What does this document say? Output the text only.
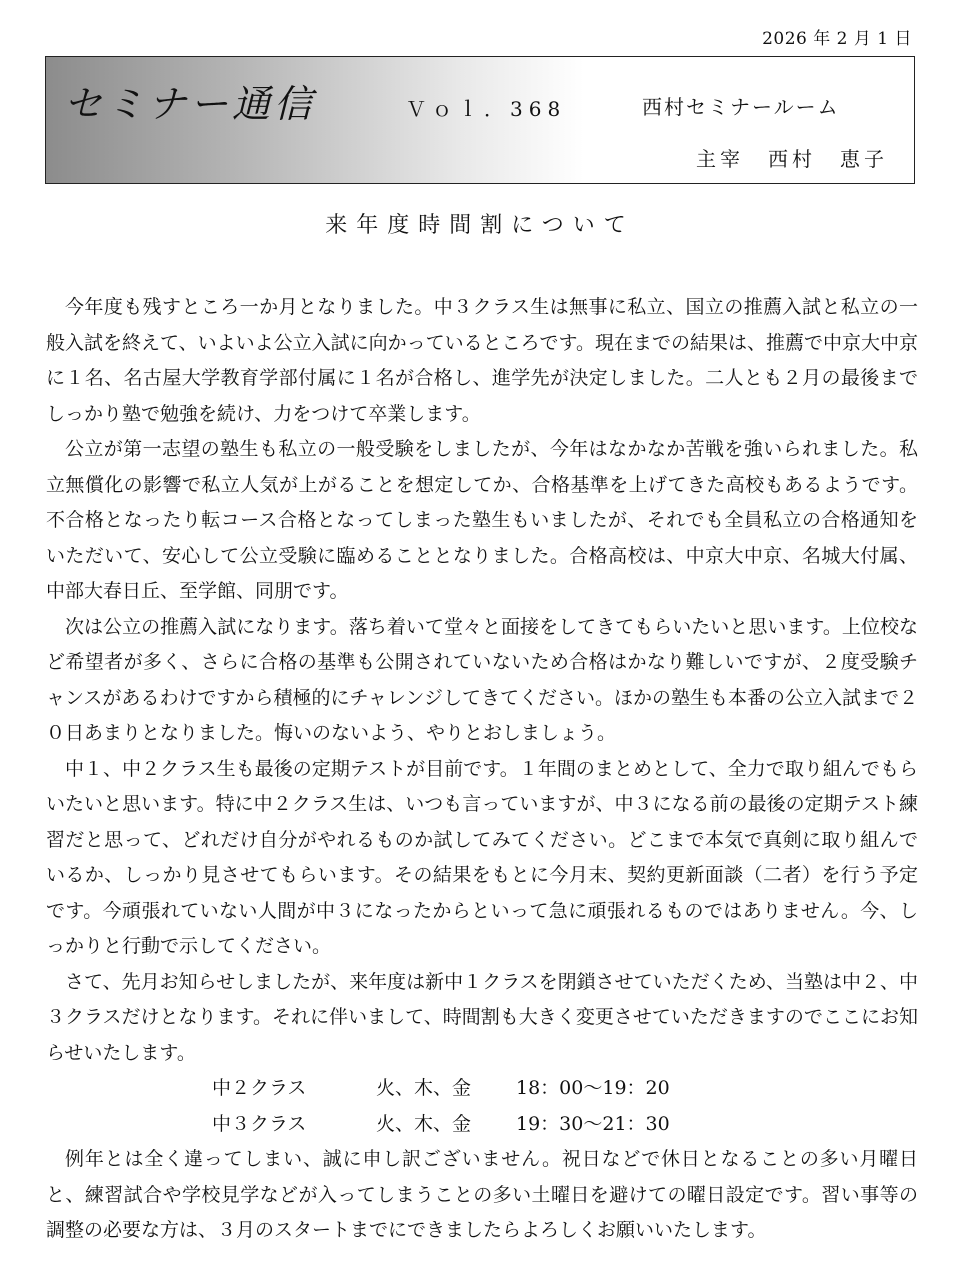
2026 年 2 月 1 日
セミナー通信	Ｖｏｌ．368	西村セミナールーム
主宰　西村　恵子
来年度時間割について

今年度も残すところ一か月となりました。中３クラス生は無事に私立、国立の推薦入試と私立の一般入試を終えて、いよいよ公立入試に向かっているところです。現在までの結果は、推薦で中京大中京に１名、名古屋大学教育学部付属に１名が合格し、進学先が決定しました。二人とも２月の最後までしっかり塾で勉強を続け、力をつけて卒業します。

公立が第一志望の塾生も私立の一般受験をしましたが、今年はなかなか苦戦を強いられました。私立無償化の影響で私立人気が上がることを想定してか、合格基準を上げてきた高校もあるようです。不合格となったり転コース合格となってしまった塾生もいましたが、それでも全員私立の合格通知をいただいて、安心して公立受験に臨めることとなりました。合格高校は、中京大中京、名城大付属、中部大春日丘、至学館、同朋です。

次は公立の推薦入試になります。落ち着いて堂々と面接をしてきてもらいたいと思います。上位校など希望者が多く、さらに合格の基準も公開されていないため合格はかなり難しいですが、２度受験チャンスがあるわけですから積極的にチャレンジしてきてください。ほかの塾生も本番の公立入試まで２０日あまりとなりました。悔いのないよう、やりとおしましょう。

中１、中２クラス生も最後の定期テストが目前です。１年間のまとめとして、全力で取り組んでもらいたいと思います。特に中２クラス生は、いつも言っていますが、中３になる前の最後の定期テスト練習だと思って、どれだけ自分がやれるものか試してみてください。どこまで本気で真剣に取り組んでいるか、しっかり見させてもらいます。その結果をもとに今月末、契約更新面談（二者）を行う予定です。今頑張れていない人間が中３になったからといって急に頑張れるものではありません。今、しっかりと行動で示してください。

さて、先月お知らせしましたが、来年度は新中１クラスを閉鎖させていただくため、当塾は中２、中３クラスだけとなります。それに伴いまして、時間割も大きく変更させていただきますのでここにお知らせいたします。

中２クラス	火、木、金	18：00〜19：20
中３クラス	火、木、金	19：30〜21：30

例年とは全く違ってしまい、誠に申し訳ございません。祝日などで休日となることの多い月曜日と、練習試合や学校見学などが入ってしまうことの多い土曜日を避けての曜日設定です。習い事等の調整の必要な方は、３月のスタートまでにできましたらよろしくお願いいたします。
